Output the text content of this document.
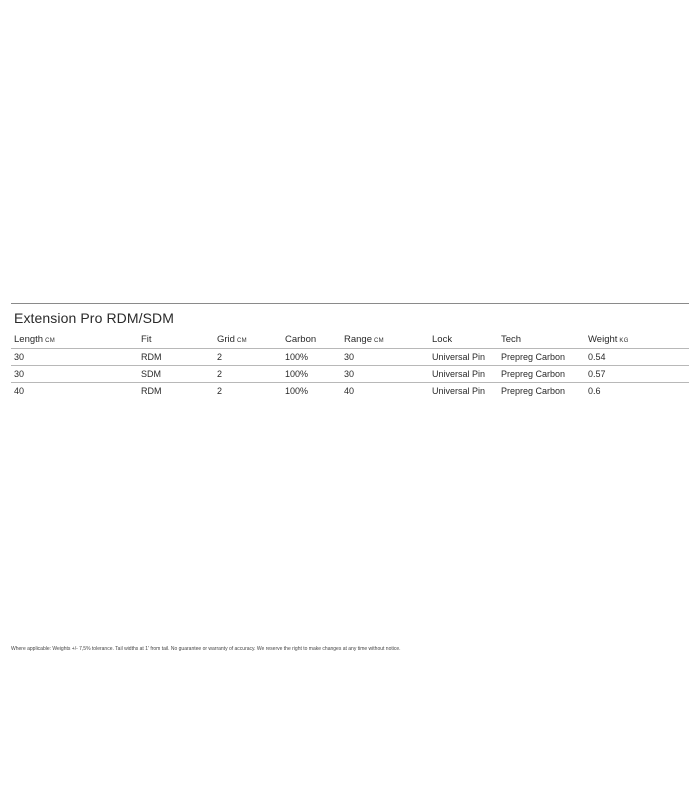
Extension Pro RDM/SDM
Length CM	Fit	Grid CM	Carbon	Range CM	Lock	Tech	Weight KG
30	RDM	2	100%	30	Universal Pin	Prepreg Carbon	0.54
30	SDM	2	100%	30	Universal Pin	Prepreg Carbon	0.57
40	RDM	2	100%	40	Universal Pin	Prepreg Carbon	0.6
Where applicable: Weights +/- 7,5% tolerance. Tail widths at 1' from tail. No guarantee or warranty of accuracy. We reserve the right to make changes at any time without notice.
